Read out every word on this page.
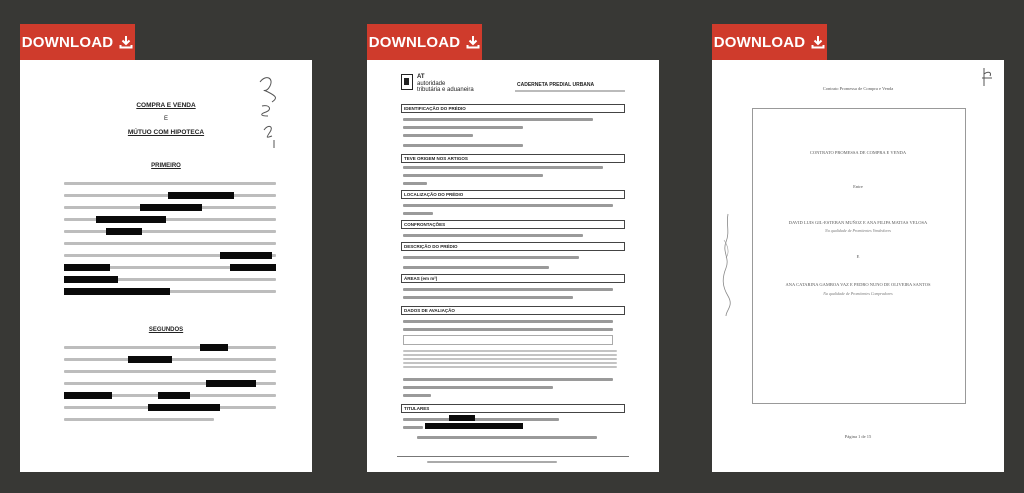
DOWNLOAD	DOWNLOAD	DOWNLOAD
COMPRA E VENDA
E
MÚTUO COM HIPOTECA
PRIMEIRO
SEGUNDOS
AT
autoridade
tributária e aduaneira
CADERNETA PREDIAL URBANA
IDENTIFICAÇÃO DO PRÉDIO
TEVE ORIGEM NOS ARTIGOS
LOCALIZAÇÃO DO PRÉDIO
CONFRONTAÇÕES
DESCRIÇÃO DO PRÉDIO
ÁREAS (em m²)
DADOS DE AVALIAÇÃO
TITULARES
Contrato Promessa de Compra e Venda
CONTRATO PROMESSA DE COMPRA E VENDA
Entre
DAVID LUIS GIL-ESTEBAN MUÑOZ E ANA FILIPA MATIAS VELOSA
Na qualidade de Promitentes Vendedores
E
ANA CATARINA GAMBOA VAZ E PEDRO NUNO DE OLIVEIRA SANTOS
Na qualidade de Promitentes Compradores
Página 1 de 15
